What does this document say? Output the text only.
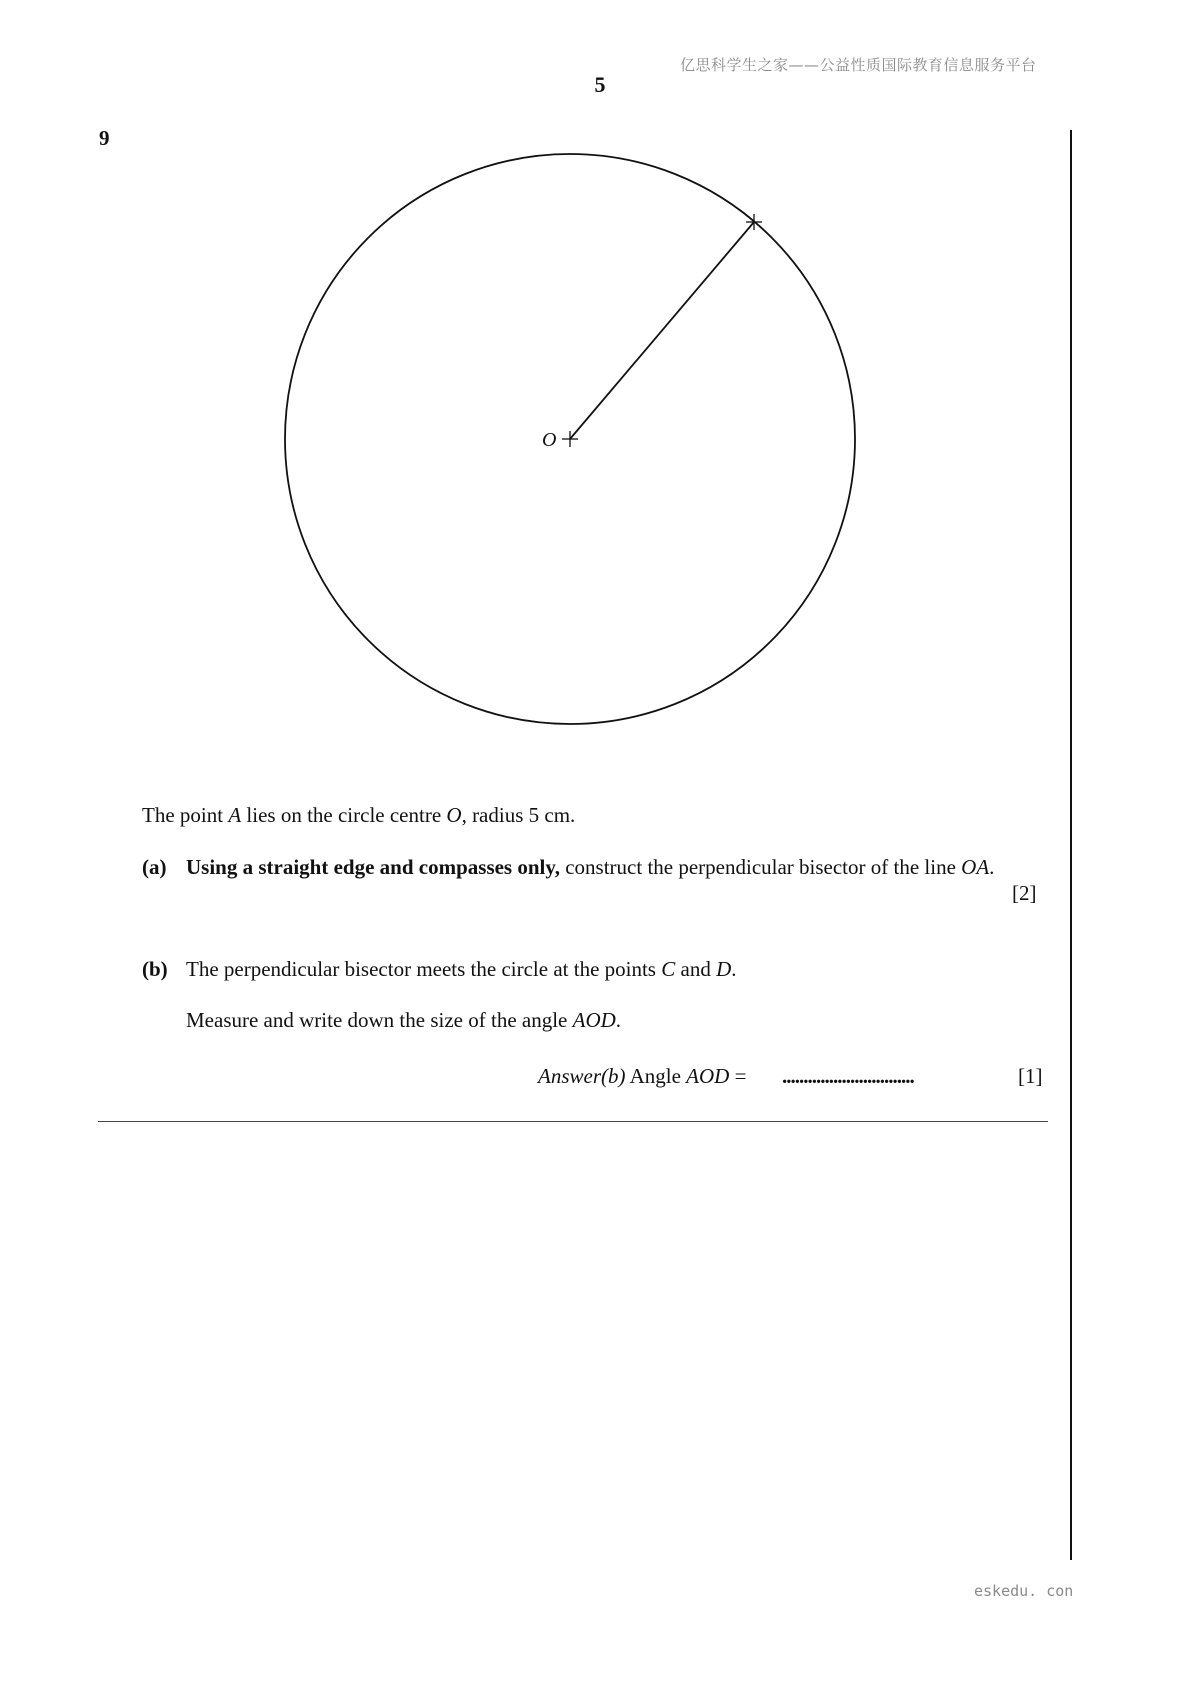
亿思科学生之家——公益性质国际教育信息服务平台
5
9
O
The point A lies on the circle centre O, radius 5 cm.
(a) Using a straight edge and compasses only, construct the perpendicular bisector of the line OA.
[2]
(b) The perpendicular bisector meets the circle at the points C and D.
Measure and write down the size of the angle AOD.
Answer(b) Angle AOD = ...............................	[1]
eskedu. con
